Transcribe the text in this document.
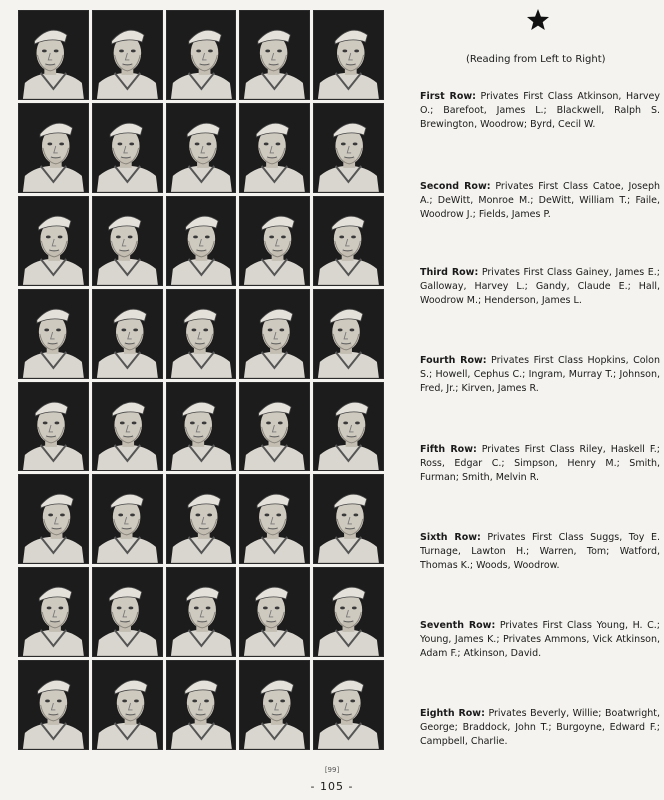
(Reading from Left to Right)
First Row: Privates First Class Atkinson, Harvey O.; Barefoot, James L.; Blackwell, Ralph S. Brewington, Woodrow; Byrd, Cecil W.
Second Row: Privates First Class Catoe, Joseph A.; DeWitt, Monroe M.; DeWitt, William T.; Faile, Woodrow J.; Fields, James P.
Third Row: Privates First Class Gainey, James E.; Galloway, Harvey L.; Gandy, Claude E.; Hall, Woodrow M.; Henderson, James L.
Fourth Row: Privates First Class Hopkins, Colon S.; Howell, Cephus C.; Ingram, Murray T.; Johnson, Fred, Jr.; Kirven, James R.
Fifth Row: Privates First Class Riley, Haskell F.; Ross, Edgar C.; Simpson, Henry M.; Smith, Furman; Smith, Melvin R.
Sixth Row: Privates First Class Suggs, Toy E. Turnage, Lawton H.; Warren, Tom; Watford, Thomas K.; Woods, Woodrow.
Seventh Row: Privates First Class Young, H. C.; Young, James K.; Privates Ammons, Vick Atkinson, Adam F.; Atkinson, David.
Eighth Row: Privates Beverly, Willie; Boatwright, George; Braddock, John T.; Burgoyne, Edward F.; Campbell, Charlie.
[99]
- 105 -
